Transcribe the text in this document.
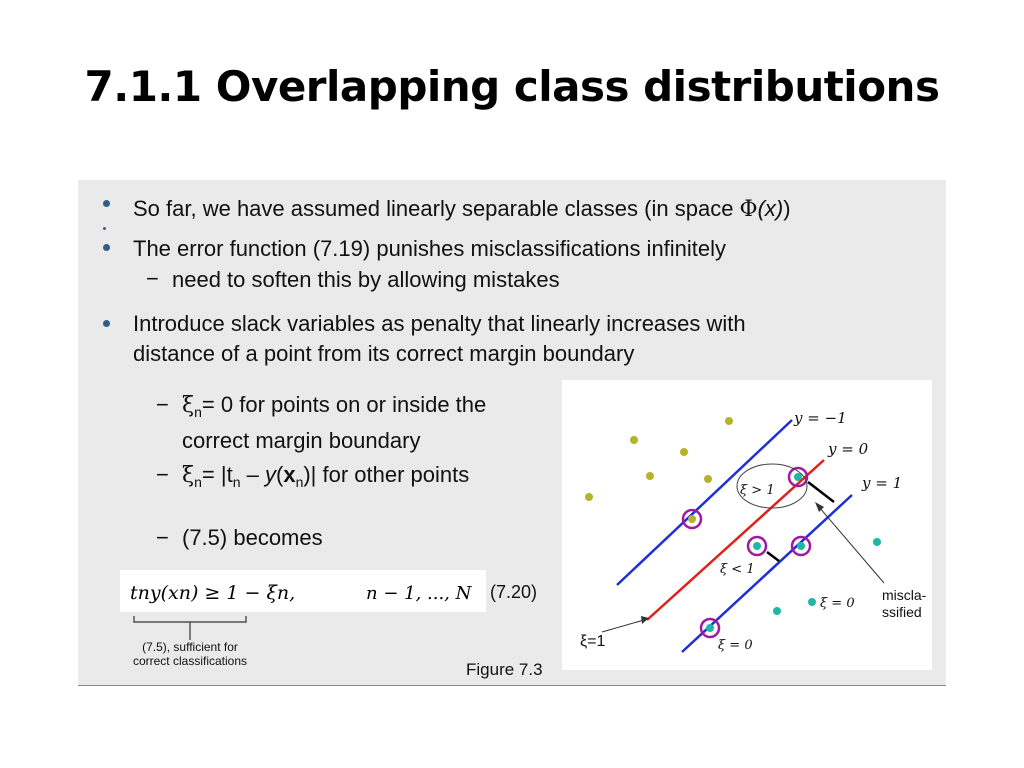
7.1.1 Overlapping class distributions
So far, we have assumed linearly separable classes (in space Φ(x))
The error function (7.19) punishes misclassifications infinitely
− need to soften this by allowing mistakes
Introduce slack variables as penalty that linearly increases with
distance of a point from its correct margin boundary
− $\xi_n= 0$ for points on or inside the
correct margin boundary
− $\xi_n= |t_n - y(x_n)|$ for other points
− (7.5) becomes
tny(xn) ≥ 1 − ξn,	n − 1, ..., N (7.20)
(7.5), sufficient for
correct classifications	Figure 7.3
y = −1
y = 0
y = 1
ξ > 1
ξ < 1
ξ = 0
ξ = 0
ξ=1
miscla-
ssified
